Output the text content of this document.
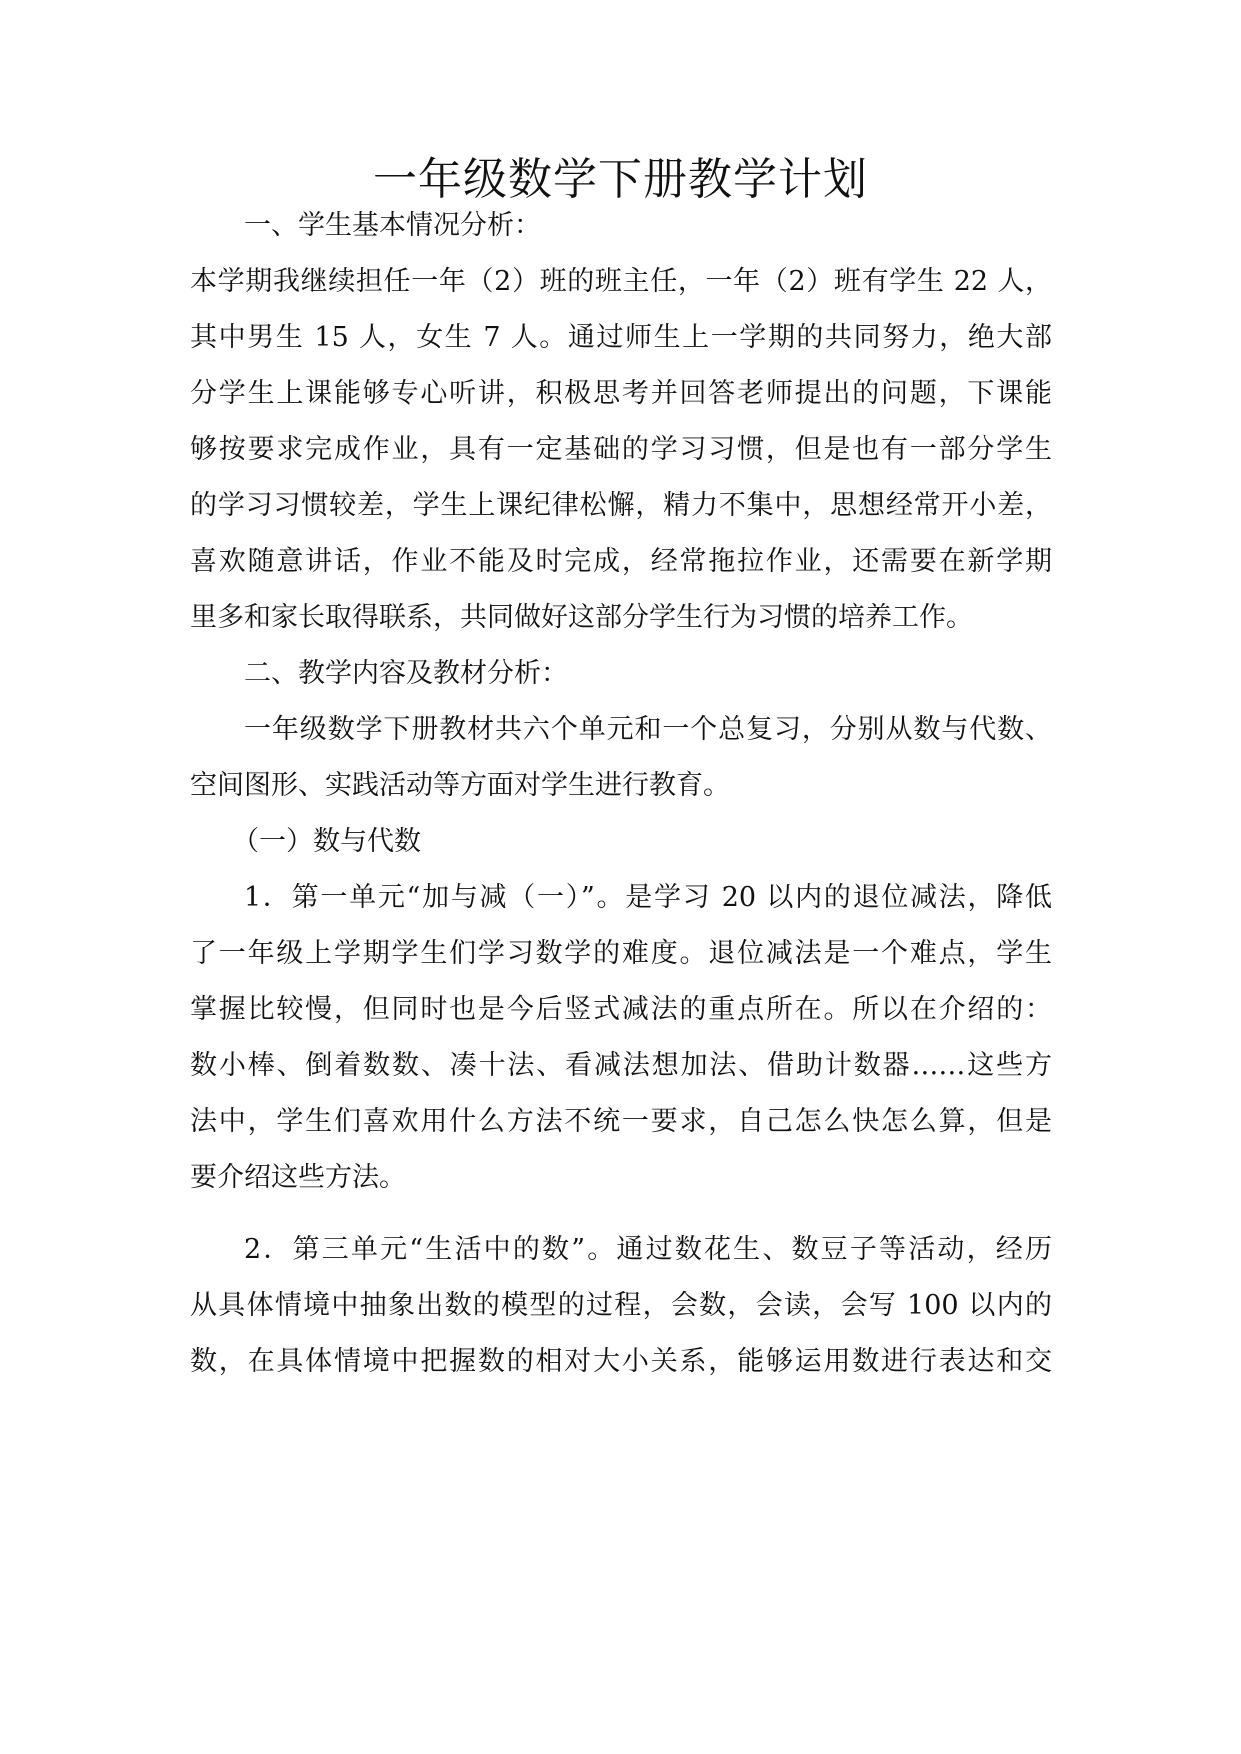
一年级数学下册教学计划
一、学生基本情况分析：
本学期我继续担任一年（2）班的班主任，一年（2）班有学生 22 人，
其中男生 15 人，女生 7 人。通过师生上一学期的共同努力，绝大部
分学生上课能够专心听讲，积极思考并回答老师提出的问题，下课能
够按要求完成作业，具有一定基础的学习习惯，但是也有一部分学生
的学习习惯较差，学生上课纪律松懈，精力不集中，思想经常开小差，
喜欢随意讲话，作业不能及时完成，经常拖拉作业，还需要在新学期
里多和家长取得联系，共同做好这部分学生行为习惯的培养工作。
二、教学内容及教材分析：
一年级数学下册教材共六个单元和一个总复习，分别从数与代数、
空间图形、实践活动等方面对学生进行教育。
（一）数与代数
1．第一单元“加与减（一）”。是学习 20 以内的退位减法，降低
了一年级上学期学生们学习数学的难度。退位减法是一个难点，学生
掌握比较慢，但同时也是今后竖式减法的重点所在。所以在介绍的：
数小棒、倒着数数、凑十法、看减法想加法、借助计数器……这些方
法中，学生们喜欢用什么方法不统一要求，自己怎么快怎么算，但是
要介绍这些方法。
2．第三单元“生活中的数”。通过数花生、数豆子等活动，经历
从具体情境中抽象出数的模型的过程，会数，会读，会写 100 以内的
数，在具体情境中把握数的相对大小关系，能够运用数进行表达和交
